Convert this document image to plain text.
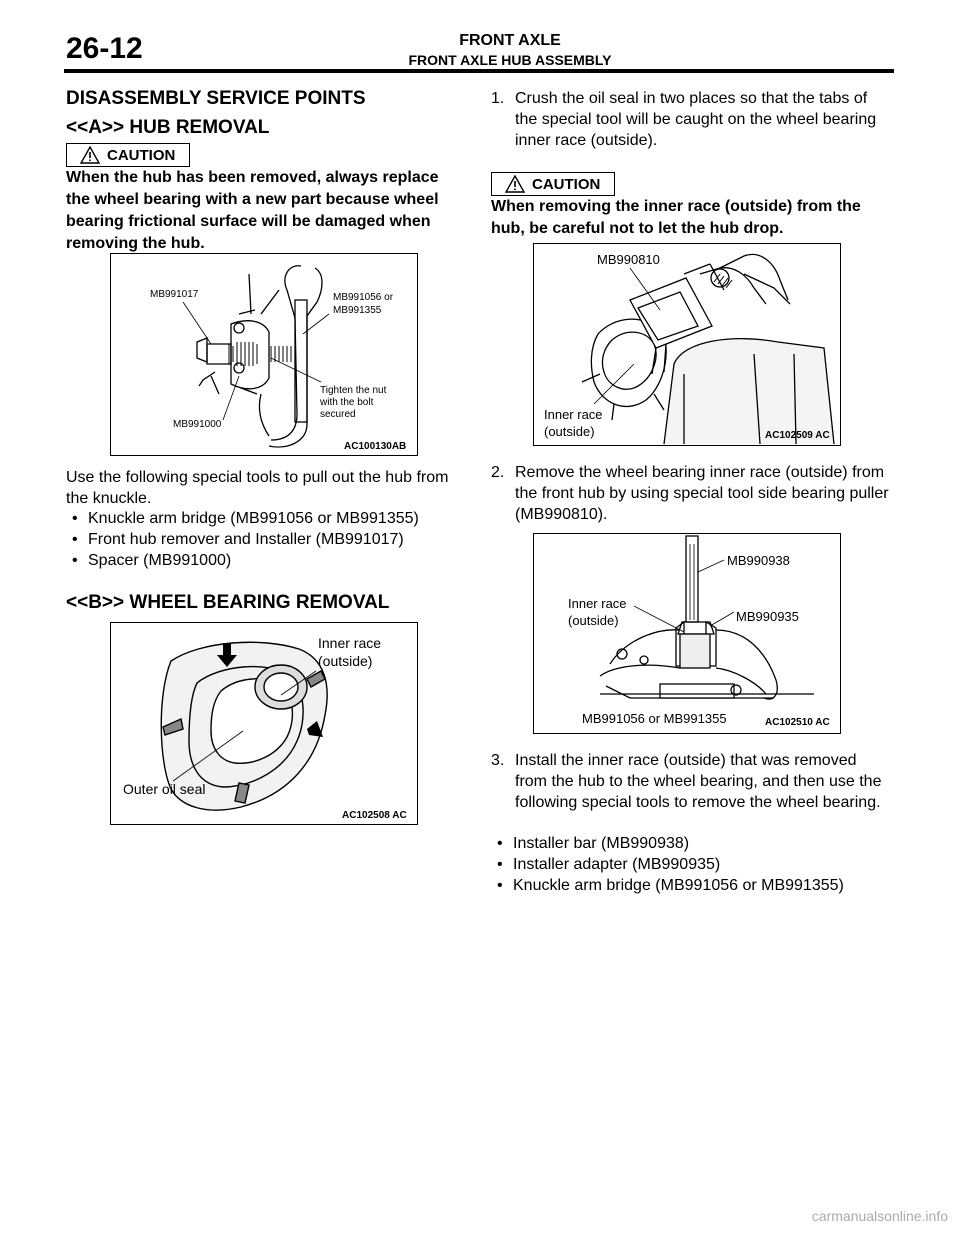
26-12	FRONT AXLE
FRONT AXLE HUB ASSEMBLY
DISASSEMBLY SERVICE POINTS
<<A>> HUB REMOVAL
CAUTION
When the hub has been removed, always replace the wheel bearing with a new part because wheel bearing frictional surface will be damaged when removing the hub.
MB991017	MB991056 or
MB991355
Tighten the nut
with the bolt
secured
MB991000
AC100130AB
Use the following special tools to pull out the hub from the knuckle.
• Knuckle arm bridge (MB991056 or MB991355)
• Front hub remover and Installer (MB991017)
• Spacer (MB991000)
<<B>> WHEEL BEARING REMOVAL
Inner race
(outside)
Outer oil seal
AC102508 AC
1. Crush the oil seal in two places so that the tabs of the special tool will be caught on the wheel bearing inner race (outside).
CAUTION
When removing the inner race (outside) from the hub, be careful not to let the hub drop.
MB990810
Inner race
(outside)	AC102509 AC
2. Remove the wheel bearing inner race (outside) from the front hub by using special tool side bearing puller (MB990810).
MB990938
Inner race
(outside)	MB990935
MB991056 or MB991355	AC102510 AC
3. Install the inner race (outside) that was removed from the hub to the wheel bearing, and then use the following special tools to remove the wheel bearing.
• Installer bar (MB990938)
• Installer adapter (MB990935)
• Knuckle arm bridge (MB991056 or MB991355)
carmanualsonline.info
